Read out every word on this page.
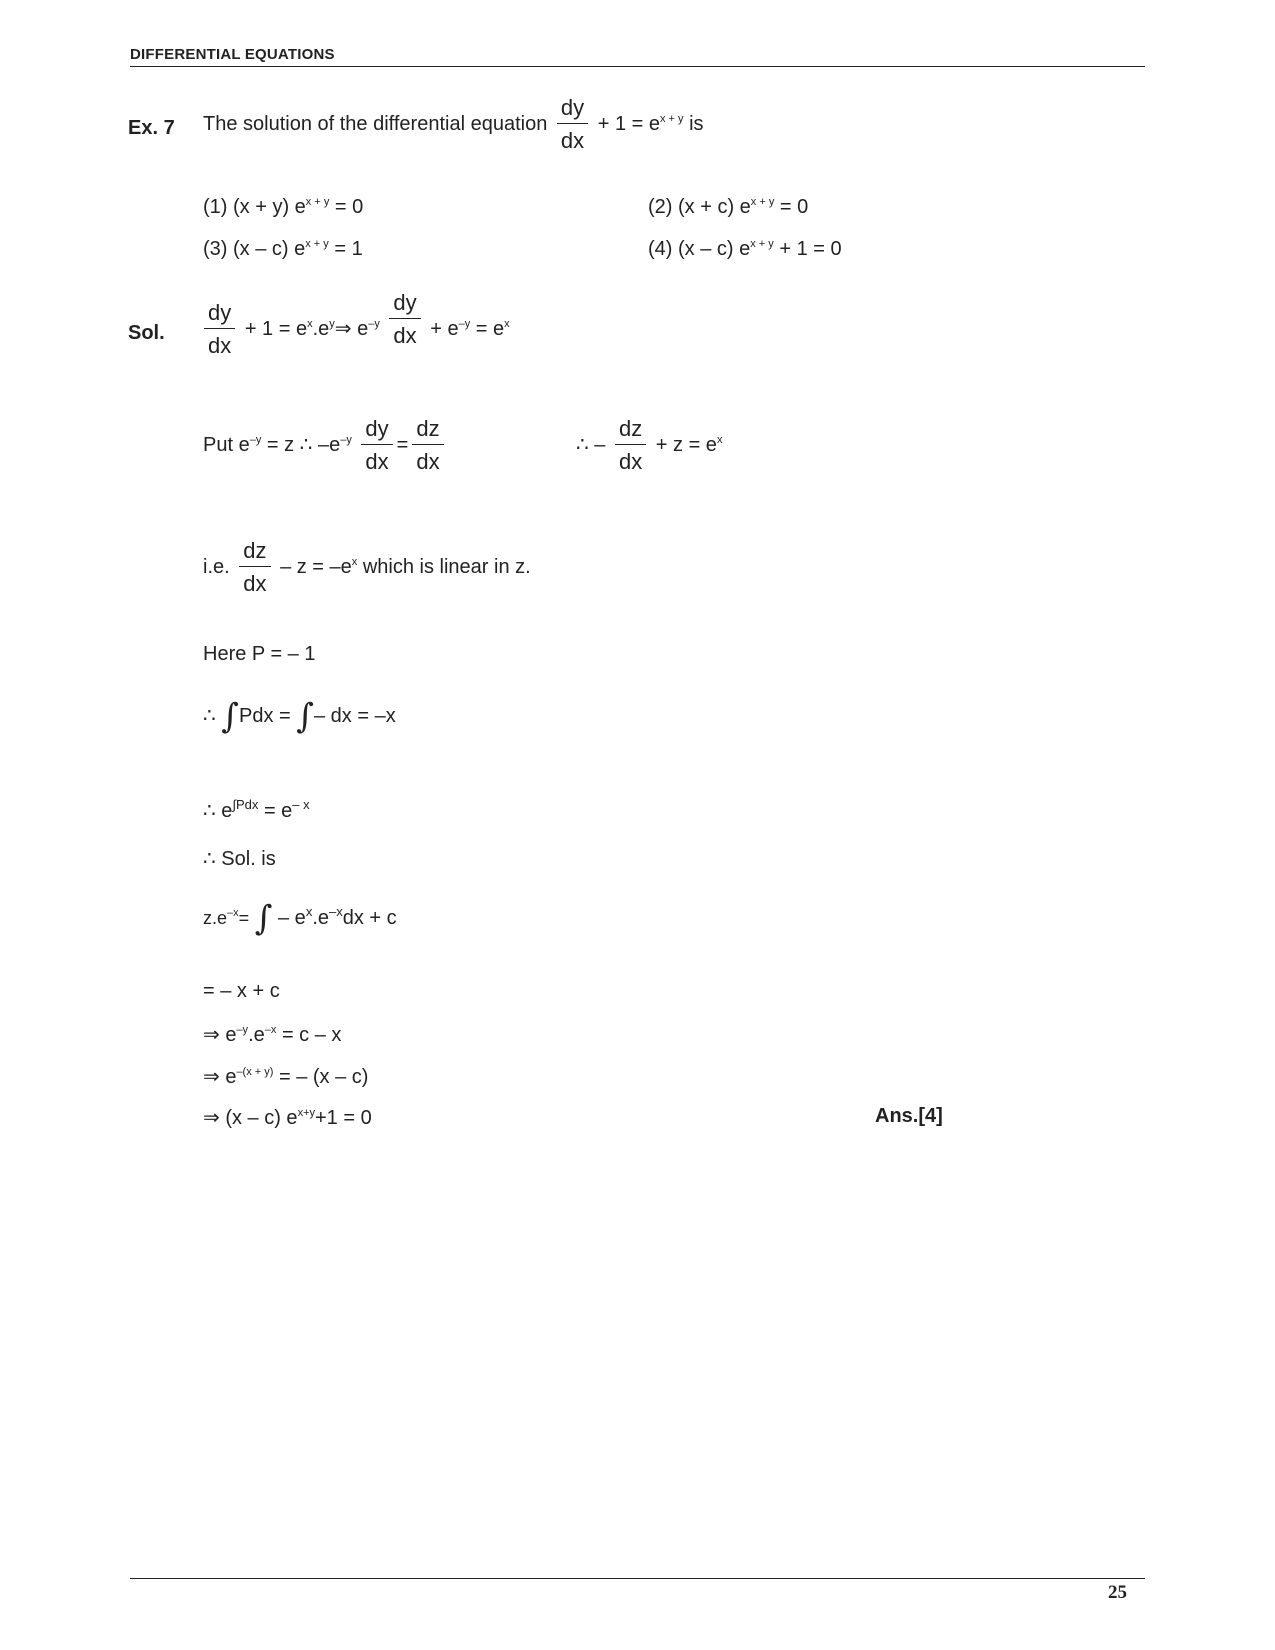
DIFFERENTIAL EQUATIONS
Ex. 7 The solution of the differential equation $\frac{dy}{dx} + 1 = e^{x + y}$ is
(1) (x + y) $e^{x + y} = 0$	(2) (x + c) $e^{x + y} = 0$
(3) (x – c) $e^{x + y} = 1$	(4) (x – c) $e^{x + y} + 1 = 0$
Sol. $\frac{dy}{dx} + 1$ = $e^x.e^y\Rightarrow$ $e^{-y} \frac{dy}{dx} + e^{-y} = e^x$
Put $e^{-y} = z$ ∴ $-e^{-y} \frac{dy}{dx} = \frac{dz}{dx}$	∴ – $\frac{dz}{dx} + z = e^x$
i.e. $\frac{dz}{dx} - z = -e^x$ which is linear in z.
Here P = – 1
∴ ∫Pdx = ∫– dx = –x
∴ $e^{\int Pdx} = e^{- x}$
∴ Sol. is
$z.e^{-x}=$ ∫ – $e^x.e^{-x}dx + c$
= – x + c
⇒ $e^{-y}.e^{-x} = c - x$
⇒ $e^{-(x + y)}$ = – (x – c)
⇒ (x – c) $e^{x+y}+1 = 0$	Ans.[4]
25
